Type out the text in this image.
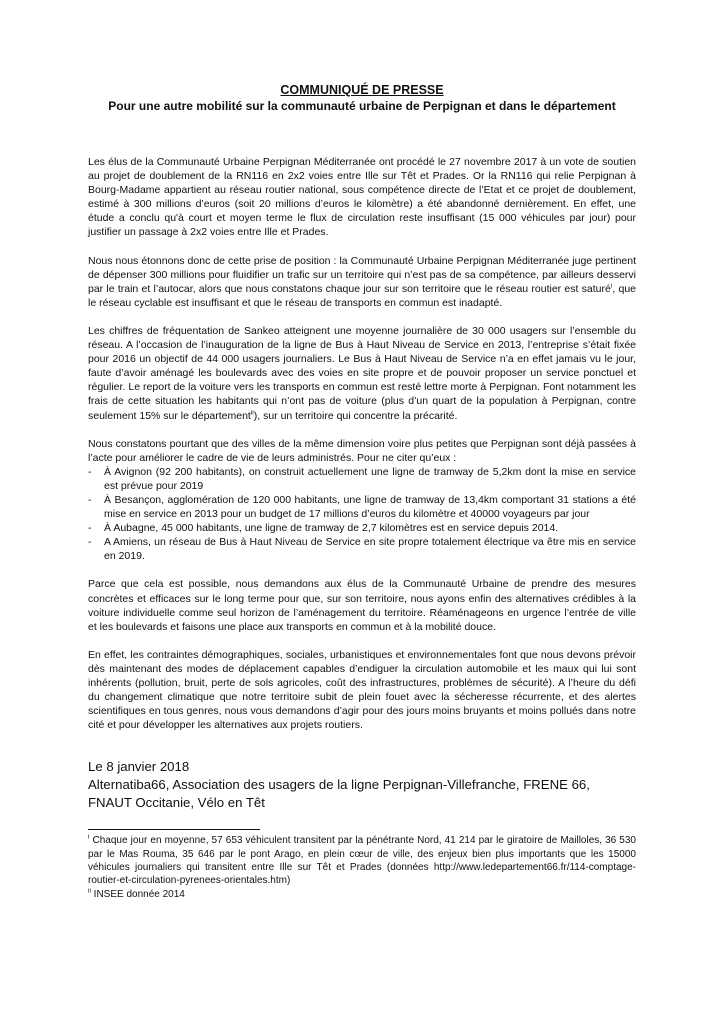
COMMUNIQUÉ DE PRESSE
Pour une autre mobilité sur la communauté urbaine de Perpignan et dans le département

Les élus de la Communauté Urbaine Perpignan Méditerranée ont procédé le 27 novembre 2017 à un vote de soutien au projet de doublement de la RN116 en 2x2 voies entre Ille sur Têt et Prades. Or la RN116 qui relie Perpignan à Bourg-Madame appartient au réseau routier national, sous compétence directe de l’Etat et ce projet de doublement, estimé à 300 millions d’euros (soit 20 millions d’euros le kilomètre) a été abandonné dernièrement. En effet, une étude a conclu qu'à court et moyen terme le flux de circulation reste insuffisant (15 000 véhicules par jour) pour justifier un passage à 2x2 voies entre Ille et Prades.

Nous nous étonnons donc de cette prise de position : la Communauté Urbaine Perpignan Méditerranée juge pertinent de dépenser 300 millions pour fluidifier un trafic sur un territoire qui n’est pas de sa compétence, par ailleurs desservi par le train et l’autocar, alors que nous constatons chaque jour sur son territoire que le réseau routier est saturé$^i$, que le réseau cyclable est insuffisant et que le réseau de transports en commun est inadapté.

Les chiffres de fréquentation de Sankeo atteignent une moyenne journalière de 30 000 usagers sur l’ensemble du réseau. A l’occasion de l’inauguration de la ligne de Bus à Haut Niveau de Service en 2013, l’entreprise s’était fixée pour 2016 un objectif de 44 000 usagers journaliers. Le Bus à Haut Niveau de Service n’a en effet jamais vu le jour, faute d’avoir aménagé les boulevards avec des voies en site propre et de pouvoir proposer un service ponctuel et régulier. Le report de la voiture vers les transports en commun est resté lettre morte à Perpignan. Font notamment les frais de cette situation les habitants qui n’ont pas de voiture (plus d’un quart de la population à Perpignan, contre seulement 15% sur le département$^{ii}$), sur un territoire qui concentre la précarité.

Nous constatons pourtant que des villes de la même dimension voire plus petites que Perpignan sont déjà passées à l’acte pour améliorer le cadre de vie de leurs administrés. Pour ne citer qu’eux :

- À Avignon (92 200 habitants), on construit actuellement une ligne de tramway de 5,2km dont la mise en service est prévue pour 2019
- À Besançon, agglomération de 120 000 habitants, une ligne de tramway de 13,4km comportant 31 stations a été mise en service en 2013 pour un budget de 17 millions d’euros du kilomètre et 40000 voyageurs par jour
- À Aubagne, 45 000 habitants, une ligne de tramway de 2,7 kilomètres est en service depuis 2014.
- A Amiens, un réseau de Bus à Haut Niveau de Service en site propre totalement électrique va être mis en service en 2019.

Parce que cela est possible, nous demandons aux élus de la Communauté Urbaine de prendre des mesures concrètes et efficaces sur le long terme pour que, sur son territoire, nous ayons enfin des alternatives crédibles à la voiture individuelle comme seul horizon de l’aménagement du territoire. Réaménageons en urgence l’entrée de ville et les boulevards et faisons une place aux transports en commun et à la mobilité douce.

En effet, les contraintes démographiques, sociales, urbanistiques et environnementales font que nous devons prévoir dès maintenant des modes de déplacement capables d’endiguer la circulation automobile et les maux qui lui sont inhérents (pollution, bruit, perte de sols agricoles, coût des infrastructures, problèmes de sécurité). A l’heure du défi du changement climatique que notre territoire subit de plein fouet avec la sécheresse récurrente, et des alertes scientifiques en tous genres, nous vous demandons d’agir pour des jours moins bruyants et moins pollués dans notre cité et pour développer les alternatives aux projets routiers.

Le 8 janvier 2018

Alternatiba66, Association des usagers de la ligne Perpignan-Villefranche, FRENE 66, FNAUT Occitanie, Vélo en Têt

$^i$ Chaque jour en moyenne, 57 653 véhiculent transitent par la pénétrante Nord, 41 214 par le giratoire de Mailloles, 36 530 par le Mas Rouma, 35 646 par le pont Arago, en plein cœur de ville, des enjeux bien plus importants que les 15000 véhicules journaliers qui transitent entre Ille sur Têt et Prades (données http://www.ledepartement66.fr/114-comptage-routier-et-circulation-pyrenees-orientales.htm)

$^{ii}$ INSEE donnée 2014
